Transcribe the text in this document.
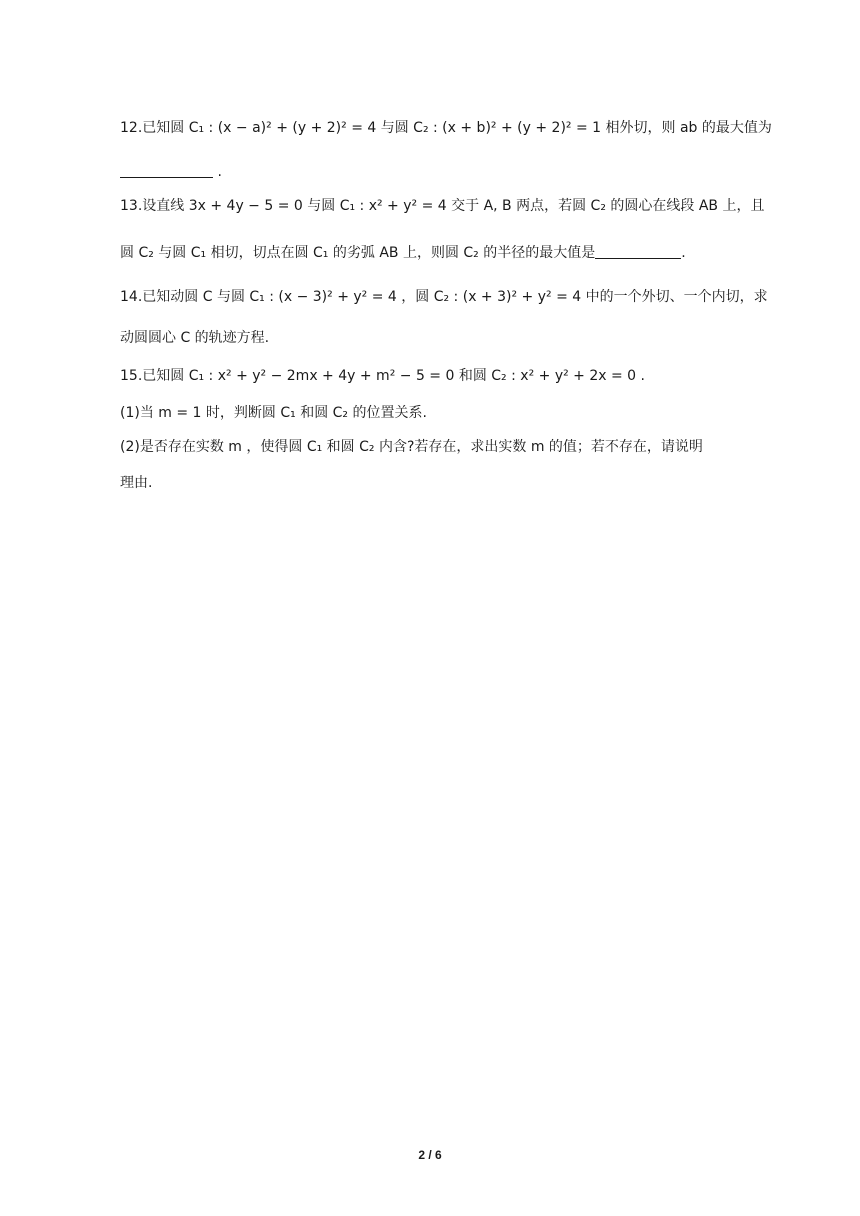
12.已知圆 C₁ : (x − a)² + (y + 2)² = 4 与圆 C₂ : (x + b)² + (y + 2)² = 1 相外切，则 ab 的最大值为
.
13.设直线 3x + 4y − 5 = 0 与圆 C₁ : x² + y² = 4 交于 A, B 两点，若圆 C₂ 的圆心在线段 AB 上，且
圆 C₂ 与圆 C₁ 相切，切点在圆 C₁ 的劣弧 AB 上，则圆 C₂ 的半径的最大值是	.
14.已知动圆 C 与圆 C₁ : (x − 3)² + y² = 4 ，圆 C₂ : (x + 3)² + y² = 4 中的一个外切、一个内切，求
动圆圆心 C 的轨迹方程.
15.已知圆 C₁ : x² + y² − 2mx + 4y + m² − 5 = 0 和圆 C₂ : x² + y² + 2x = 0 .
(1)当 m = 1 时，判断圆 C₁ 和圆 C₂ 的位置关系.
(2)是否存在实数 m ，使得圆 C₁ 和圆 C₂ 内含?若存在，求出实数 m 的值；若不存在，请说明
理由.
2 / 6
